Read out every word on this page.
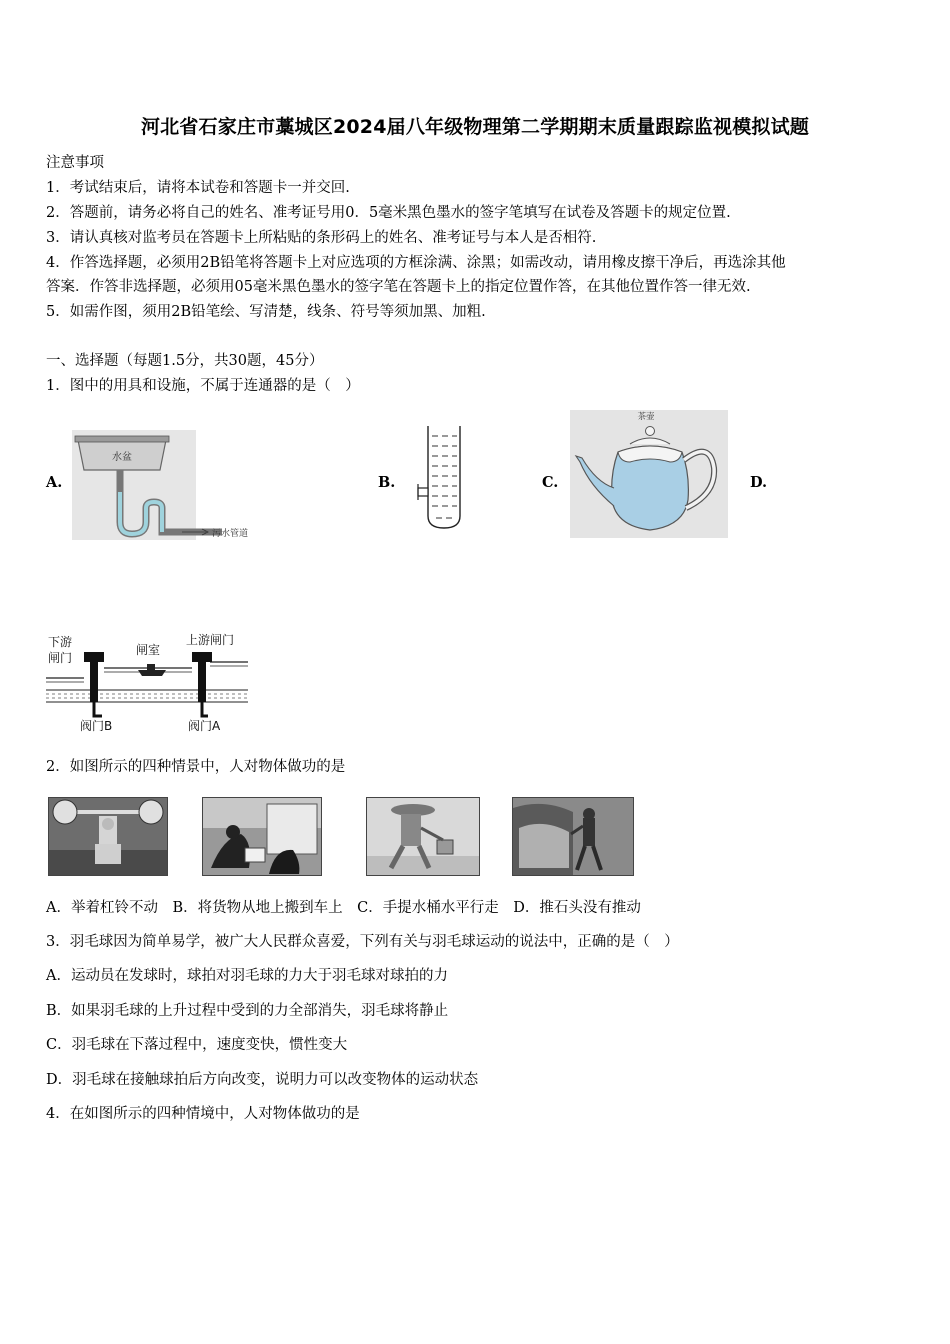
河北省石家庄市藁城区2024届八年级物理第二学期期末质量跟踪监视模拟试题
注意事项
1．考试结束后，请将本试卷和答题卡一并交回.
2．答题前，请务必将自己的姓名、准考证号用0．5毫米黑色墨水的签字笔填写在试卷及答题卡的规定位置.
3．请认真核对监考员在答题卡上所粘贴的条形码上的姓名、准考证号与本人是否相符.
4．作答选择题，必须用2B铅笔将答题卡上对应选项的方框涂满、涂黑；如需改动，请用橡皮擦干净后，再选涂其他
答案．作答非选择题，必须用05毫米黑色墨水的签字笔在答题卡上的指定位置作答，在其他位置作答一律无效.
5．如需作图，须用2B铅笔绘、写清楚，线条、符号等须加黑、加粗.
一、选择题（每题1.5分，共30题，45分）
1．图中的用具和设施，不属于连通器的是（　）
A.	B.	C.	D.
水盆
污水管道
茶壶
下游
闸门
闸室
上游闸门
阀门B	阀门A
2．如图所示的四种情景中，人对物体做功的是
A．举着杠铃不动　B．将货物从地上搬到车上　C．手提水桶水平行走　D．推石头没有推动
3．羽毛球因为简单易学，被广大人民群众喜爱，下列有关与羽毛球运动的说法中，正确的是（　）
A．运动员在发球时，球拍对羽毛球的力大于羽毛球对球拍的力
B．如果羽毛球的上升过程中受到的力全部消失，羽毛球将静止
C．羽毛球在下落过程中，速度变快，惯性变大
D．羽毛球在接触球拍后方向改变，说明力可以改变物体的运动状态
4．在如图所示的四种情境中，人对物体做功的是
